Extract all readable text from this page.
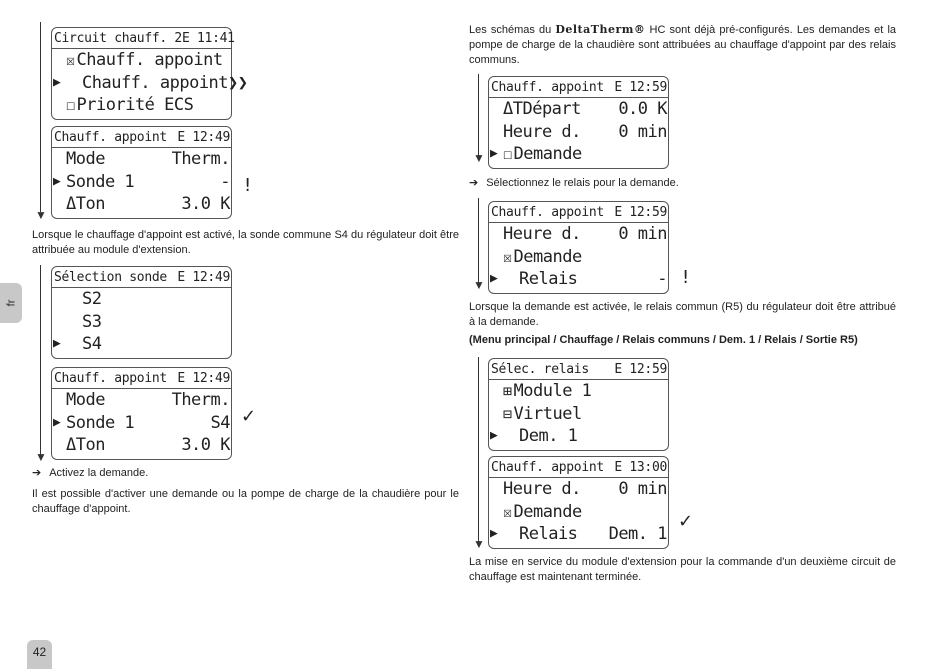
fr
42
▼
Circuit chauff. 2 E 11:41
☒ Chauff. appoint
▶ Chauff. appoint ❯❯
☐ Priorité ECS
Chauff. appoint E 12:49
Mode	Therm.
▶ Sonde 1	-
ΔTon	3.0 K
!
Lorsque le chauffage d'appoint est activé, la sonde commune S4 du régulateur doit être attribuée au module d'extension.
▼
Sélection sonde E 12:49
S2
S3
▶ S4
Chauff. appoint E 12:49
Mode	Therm.
▶ Sonde 1	S4
ΔTon	3.0 K
✓
➔ Activez la demande.
Il est possible d'activer une demande ou la pompe de charge de la chaudière pour le chauffage d'appoint.
Les schémas du DeltaTherm® HC sont déjà pré-configurés. Les demandes et la pompe de charge de la chaudière sont attribuées au chauffage d'appoint par des relais communs.
▼
Chauff. appoint E 12:59
ΔTDépart 0.0 K
Heure d. 0 min
▶ ☐ Demande
➔ Sélectionnez le relais pour la demande.
▼
Chauff. appoint E 12:59
Heure d. 0 min
☒ Demande
▶ Relais	- !
Lorsque la demande est activée, le relais commun (R5) du régulateur doit être attribué à la demande.
(Menu principal / Chauffage / Relais communs / Dem. 1 / Relais / Sortie R5)
▼
Sélec. relais E 12:59
⊞ Module 1
⊟ Virtuel
▶ Dem. 1
Chauff. appoint E 13:00
Heure d. 0 min
☒ Demande
▶ Relais Dem. 1
✓
La mise en service du module d'extension pour la commande d'un deuxième circuit de chauffage est maintenant terminée.
